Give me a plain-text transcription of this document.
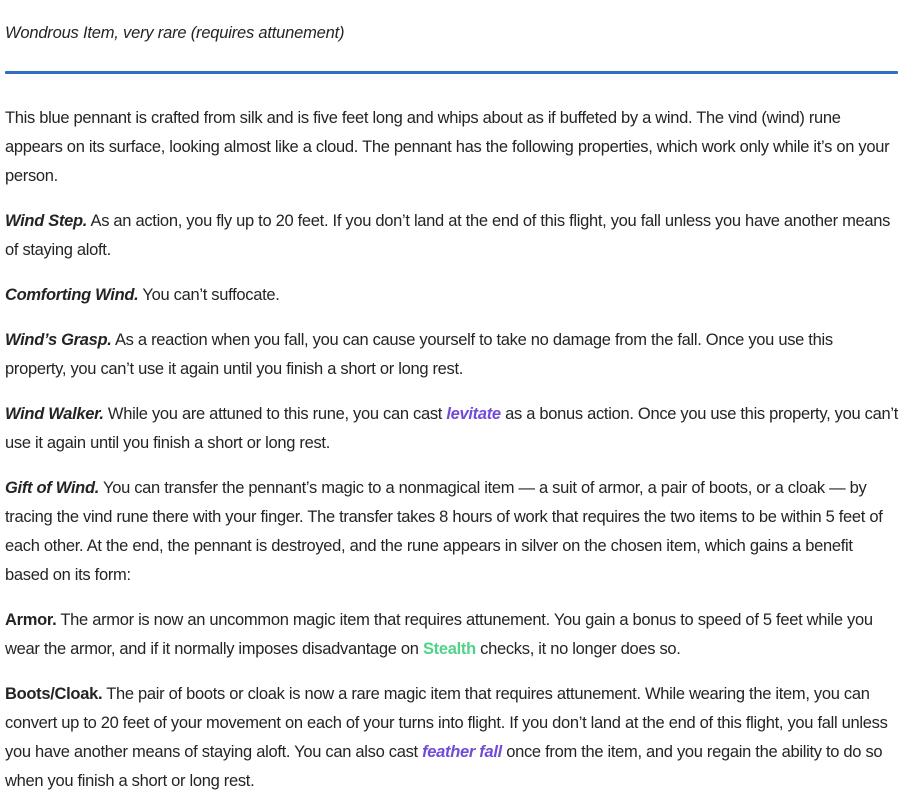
Wondrous Item, very rare (requires attunement)

This blue pennant is crafted from silk and is five feet long and whips about as if buffeted by a wind. The vind (wind) rune appears on its surface, looking almost like a cloud. The pennant has the following properties, which work only while it’s on your person.

Wind Step. As an action, you fly up to 20 feet. If you don’t land at the end of this flight, you fall unless you have another means of staying aloft.

Comforting Wind. You can’t suffocate.

Wind’s Grasp. As a reaction when you fall, you can cause yourself to take no damage from the fall. Once you use this property, you can’t use it again until you finish a short or long rest.

Wind Walker. While you are attuned to this rune, you can cast levitate as a bonus action. Once you use this property, you can’t use it again until you finish a short or long rest.

Gift of Wind. You can transfer the pennant’s magic to a nonmagical item — a suit of armor, a pair of boots, or a cloak — by tracing the vind rune there with your finger. The transfer takes 8 hours of work that requires the two items to be within 5 feet of each other. At the end, the pennant is destroyed, and the rune appears in silver on the chosen item, which gains a benefit based on its form:

Armor. The armor is now an uncommon magic item that requires attunement. You gain a bonus to speed of 5 feet while you wear the armor, and if it normally imposes disadvantage on Stealth checks, it no longer does so.

Boots/Cloak. The pair of boots or cloak is now a rare magic item that requires attunement. While wearing the item, you can convert up to 20 feet of your movement on each of your turns into flight. If you don’t land at the end of this flight, you fall unless you have another means of staying aloft. You can also cast feather fall once from the item, and you regain the ability to do so when you finish a short or long rest.
